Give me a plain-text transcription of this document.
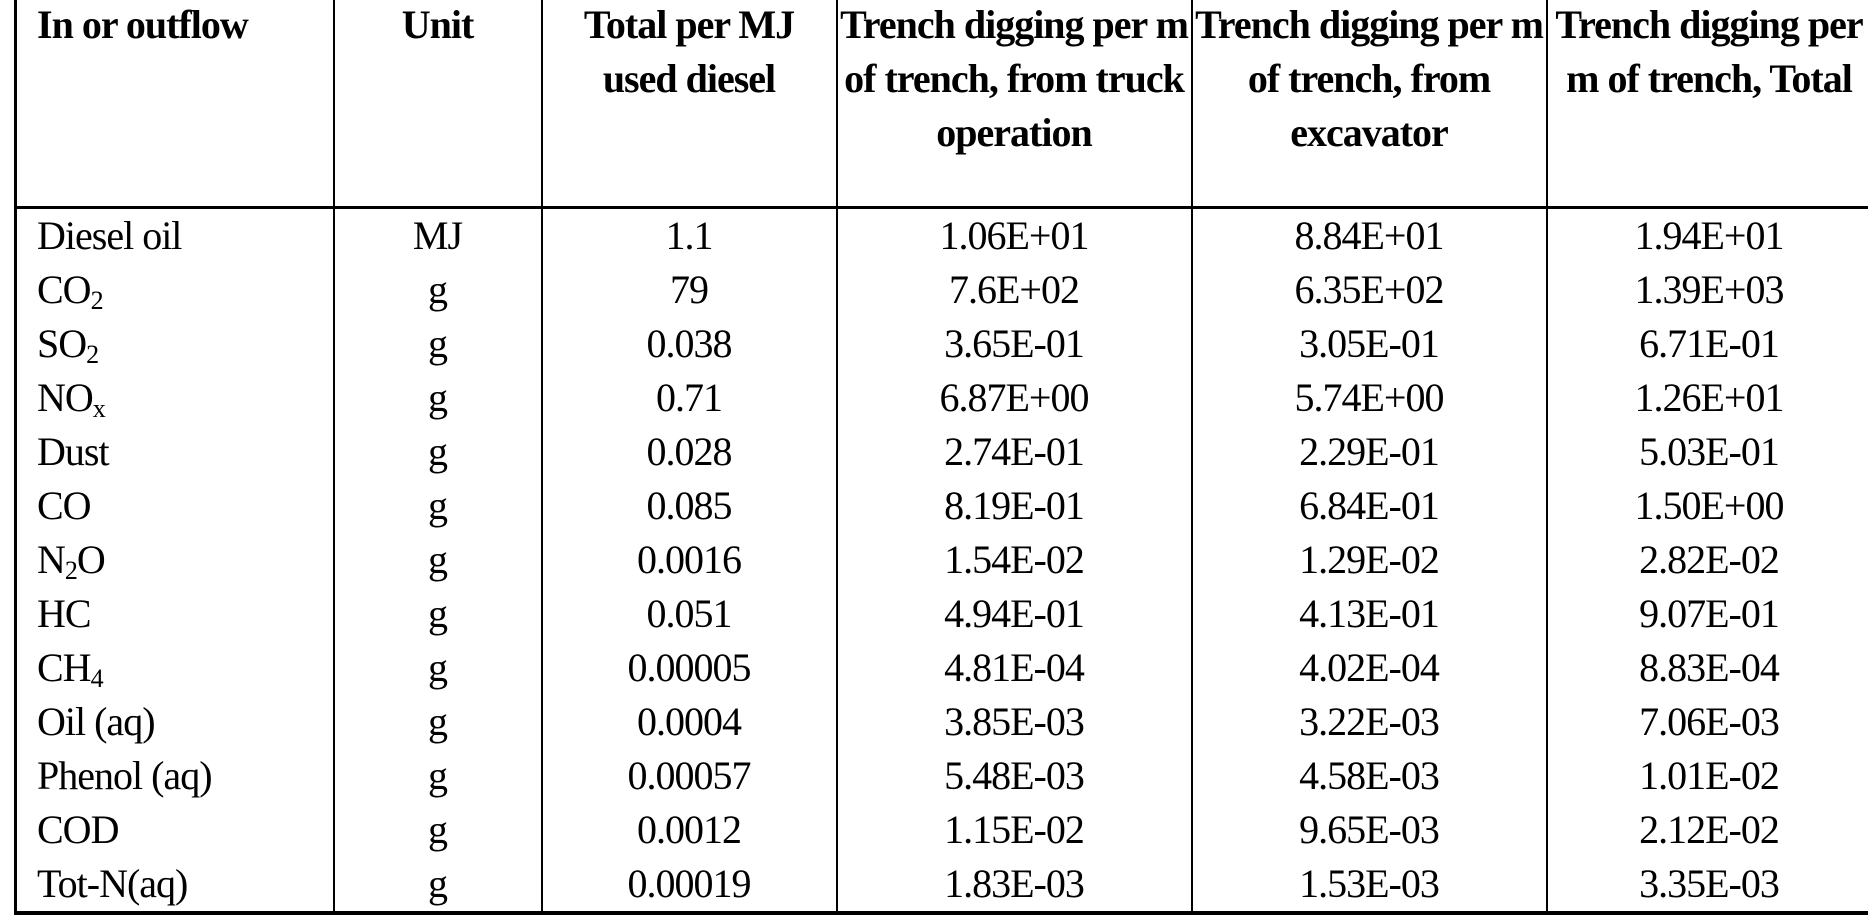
In or outflow	Unit	Total per MJ used diesel	Trench digging per m of trench, from truck operation	Trench digging per m of trench, from excavator	Trench digging per m of trench, Total
Diesel oil	MJ	1.1	1.06E+01	8.84E+01	1.94E+01
$CO_2$	g	79	7.6E+02	6.35E+02	1.39E+03
$SO_2$	g	0.038	3.65E-01	3.05E-01	6.71E-01
$NO_x$	g	0.71	6.87E+00	5.74E+00	1.26E+01
Dust	g	0.028	2.74E-01	2.29E-01	5.03E-01
CO	g	0.085	8.19E-01	6.84E-01	1.50E+00
$N_2O$	g	0.0016	1.54E-02	1.29E-02	2.82E-02
HC	g	0.051	4.94E-01	4.13E-01	9.07E-01
$CH_4$	g	0.00005	4.81E-04	4.02E-04	8.83E-04
Oil (aq)	g	0.0004	3.85E-03	3.22E-03	7.06E-03
Phenol (aq)	g	0.00057	5.48E-03	4.58E-03	1.01E-02
COD	g	0.0012	1.15E-02	9.65E-03	2.12E-02
Tot-N(aq)	g	0.00019	1.83E-03	1.53E-03	3.35E-03
